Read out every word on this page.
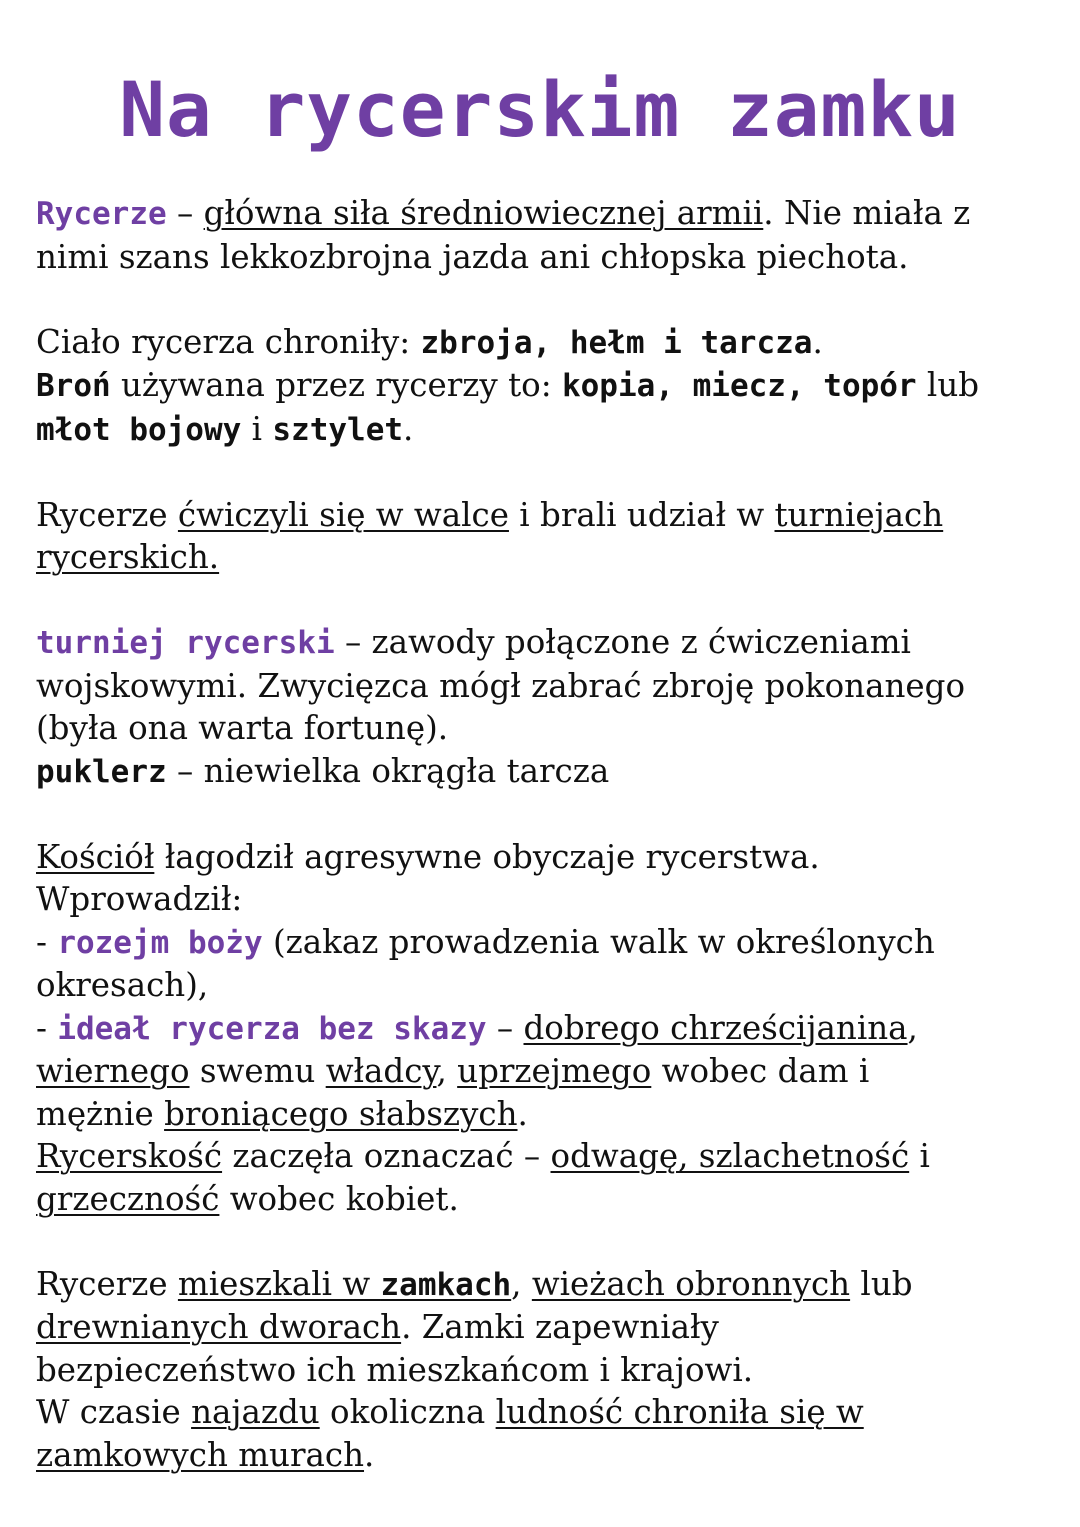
Na rycerskim zamku
Rycerze – główna siła średniowiecznej armii. Nie miała z
nimi szans lekkozbrojna jazda ani chłopska piechota.
Ciało rycerza chroniły: zbroja, hełm i tarcza.
Broń używana przez rycerzy to: kopia, miecz, topór lub
młot bojowy i sztylet.
Rycerze ćwiczyli się w walce i brali udział w turniejach
rycerskich.
turniej rycerski – zawody połączone z ćwiczeniami
wojskowymi. Zwycięzca mógł zabrać zbroję pokonanego
(była ona warta fortunę).
puklerz – niewielka okrągła tarcza
Kościół łagodził agresywne obyczaje rycerstwa.
Wprowadził:
- rozejm boży (zakaz prowadzenia walk w określonych
okresach),
- ideał rycerza bez skazy – dobrego chrześcijanina,
wiernego swemu władcy, uprzejmego wobec dam i
mężnie broniącego słabszych.
Rycerskość zaczęła oznaczać – odwagę, szlachetność i
grzeczność wobec kobiet.
Rycerze mieszkali w zamkach, wieżach obronnych lub
drewnianych dworach. Zamki zapewniały
bezpieczeństwo ich mieszkańcom i krajowi.
W czasie najazdu okoliczna ludność chroniła się w
zamkowych murach.
